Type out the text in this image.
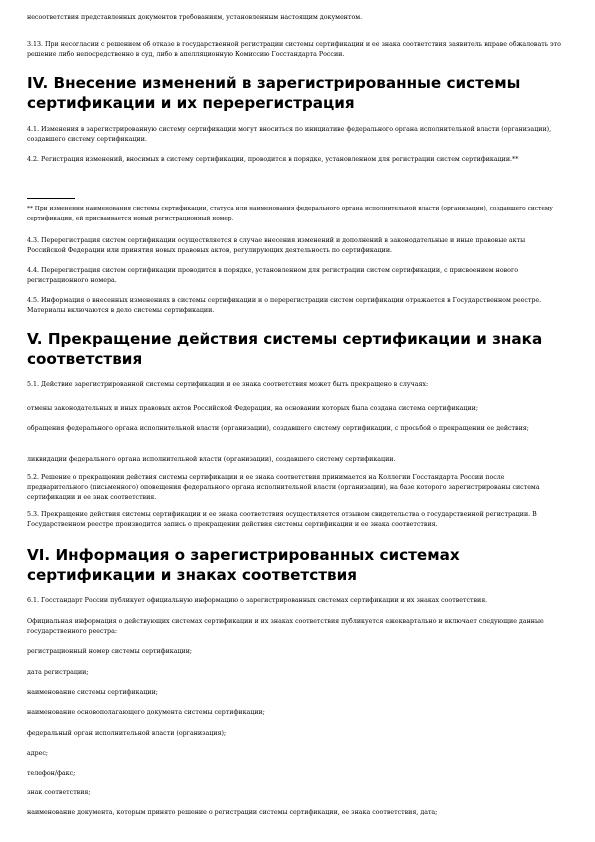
несоответствия представленных документов требованиям, установленным настоящим документом.

3.13. При несогласии с решением об отказе в государственной регистрации системы сертификации и ее знака соответствия заявитель вправе обжаловать это решение либо непосредственно в суд, либо в апелляционную Комиссию Госстандарта России.

IV. Внесение изменений в зарегистрированные системы сертификации и их перерегистрация

4.1. Изменения в зарегистрированную систему сертификации могут вноситься по инициативе федерального органа исполнительной власти (организации), создавшего систему сертификации.

4.2. Регистрация изменений, вносимых в систему сертификации, проводится в порядке, установленном для регистрации систем сертификации.**

** При изменении наименования системы сертификации, статуса или наименования федерального органа исполнительной власти (организации), создавшего систему сертификации, ей присваивается новый регистрационный номер.

4.3. Перерегистрация систем сертификации осуществляется в случае внесения изменений и дополнений в законодательные и иные правовые акты Российской Федерации или принятия новых правовых актов, регулирующих деятельность по сертификации.

4.4. Перерегистрация систем сертификации проводится в порядке, установленном для регистрации систем сертификации, с присвоением нового регистрационного номера.

4.5. Информация о внесенных изменениях в системы сертификации и о перерегистрации систем сертификации отражается в Государственном реестре. Материалы включаются в дело системы сертификации.

V. Прекращение действия системы сертификации и знака соответствия

5.1. Действие зарегистрированной системы сертификации и ее знака соответствия может быть прекращено в случаях:

отмены законодательных и иных правовых актов Российской Федерации, на основании которых была создана система сертификации;

обращения федерального органа исполнительной власти (организации), создавшего систему сертификации, с просьбой о прекращении ее действия;

ликвидации федерального органа исполнительной власти (организации), создавшего систему сертификации.

5.2. Решение о прекращении действия системы сертификации и ее знака соответствия принимается на Коллегии Госстандарта России после предварительного (письменного) оповещения федерального органа исполнительной власти (организации), на базе которого зарегистрированы система сертификации и ее знак соответствия.

5.3. Прекращение действия системы сертификации и ее знака соответствия осуществляется отзывом свидетельства о государственной регистрации. В Государственном реестре производится запись о прекращении действия системы сертификации и ее знака соответствия.

VI. Информация о зарегистрированных системах сертификации и знаках соответствия

6.1. Госстандарт России публикует официальную информацию о зарегистрированных системах сертификации и их знаках соответствия.

Официальная информация о действующих системах сертификации и их знаках соответствия публикуется ежеквартально и включает следующие данные государственного реестра:

регистрационный номер системы сертификации;

дата регистрации;

наименование системы сертификации;

наименование основополагающего документа системы сертификации;

федеральный орган исполнительной власти (организация);

адрес;

телефон/факс;

знак соответствия;

наименование документа, которым принято решение о регистрации системы сертификации, ее знака соответствия, дата;
